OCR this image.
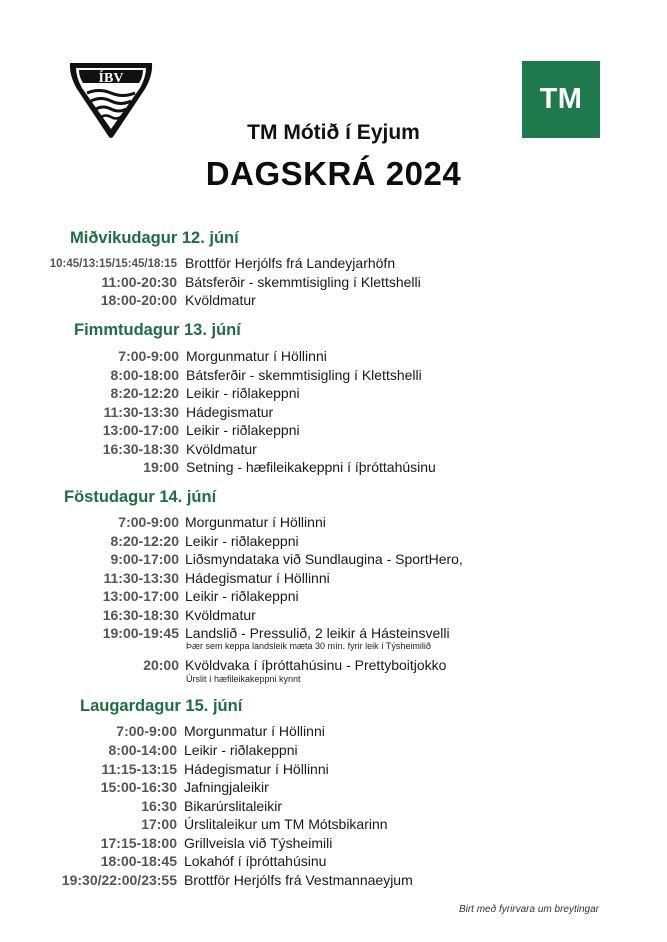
ÍBV
TM
TM Mótið í Eyjum
DAGSKRÁ 2024
Miðvikudagur 12. júní
10:45/13:15/15:45/18:15 Brottför Herjólfs frá Landeyjarhöfn
11:00-20:30 Bátsferðir - skemmtisigling í Klettshelli
18:00-20:00 Kvöldmatur
Fimmtudagur 13. júní
7:00-9:00 Morgunmatur í Höllinni
8:00-18:00 Bátsferðir - skemmtisigling í Klettshelli
8:20-12:20 Leikir - riðlakeppni
11:30-13:30 Hádegismatur
13:00-17:00 Leikir - riðlakeppni
16:30-18:30 Kvöldmatur
19:00 Setning - hæfileikakeppni í íþróttahúsinu
Föstudagur 14. júní
7:00-9:00 Morgunmatur í Höllinni
8:20-12:20 Leikir - riðlakeppni
9:00-17:00 Liðsmyndataka við Sundlaugina - SportHero,
11:30-13:30 Hádegismatur í Höllinni
13:00-17:00 Leikir - riðlakeppni
16:30-18:30 Kvöldmatur
19:00-19:45 Landslið - Pressulið, 2 leikir á Hásteinsvelli
Þær sem keppa landsleik mæta 30 mín. fyrir leik í Týsheimilið
20:00 Kvöldvaka í íþróttahúsinu - Prettyboitjokko
Úrslit í hæfileikakeppni kynnt
Laugardagur 15. júní
7:00-9:00 Morgunmatur í Höllinni
8:00-14:00 Leikir - riðlakeppni
11:15-13:15 Hádegismatur í Höllinni
15:00-16:30 Jafningjaleikir
16:30 Bikarúrslitaleikir
17:00 Úrslitaleikur um TM Mótsbikarinn
17:15-18:00 Grillveisla við Týsheimili
18:00-18:45 Lokahóf í íþróttahúsinu
19:30/22:00/23:55 Brottför Herjólfs frá Vestmannaeyjum
Birt með fyrirvara um breytingar
